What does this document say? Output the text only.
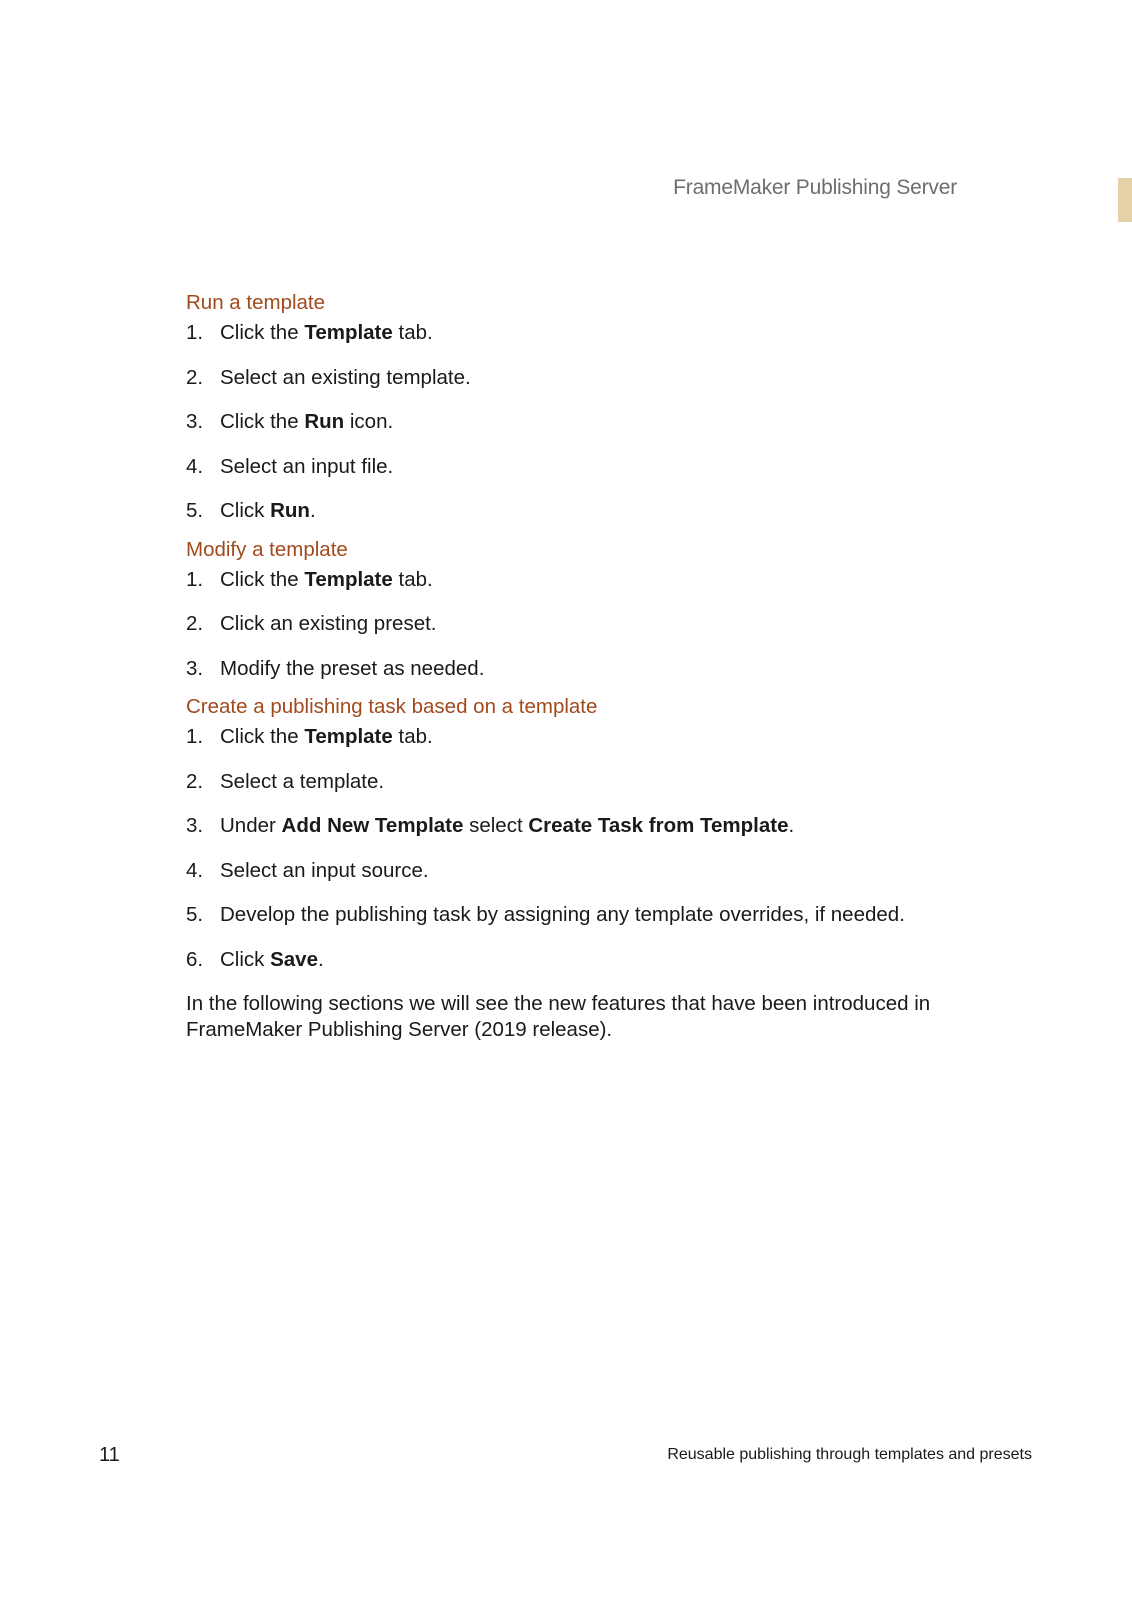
FrameMaker Publishing Server
Run a template
1. Click the Template tab.
2. Select an existing template.
3. Click the Run icon.
4. Select an input file.
5. Click Run.
Modify a template
1. Click the Template tab.
2. Click an existing preset.
3. Modify the preset as needed.
Create a publishing task based on a template
1. Click the Template tab.
2. Select a template.
3. Under Add New Template select Create Task from Template.
4. Select an input source.
5. Develop the publishing task by assigning any template overrides, if needed.
6. Click Save.

In the following sections we will see the new features that have been introduced in FrameMaker Publishing Server (2019 release).

11	Reusable publishing through templates and presets
